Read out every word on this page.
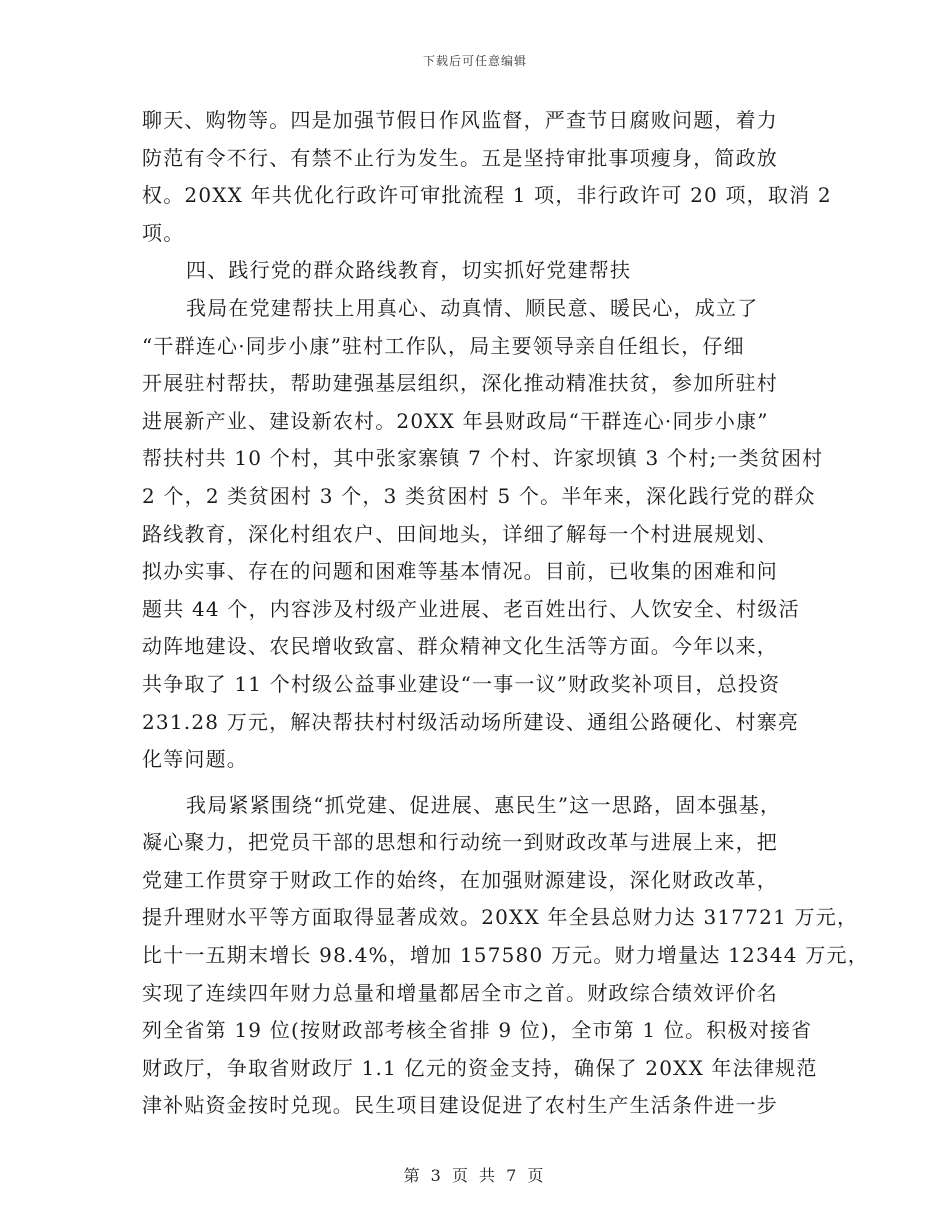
下载后可任意编辑
聊天、购物等。四是加强节假日作风监督，严查节日腐败问题，着力
防范有令不行、有禁不止行为发生。五是坚持审批事项瘦身，简政放
权。20XX 年共优化行政许可审批流程 1 项，非行政许可 20 项，取消 2
项。
四、践行党的群众路线教育，切实抓好党建帮扶
我局在党建帮扶上用真心、动真情、顺民意、暖民心，成立了
“干群连心·同步小康”驻村工作队，局主要领导亲自任组长，仔细
开展驻村帮扶，帮助建强基层组织，深化推动精准扶贫，参加所驻村
进展新产业、建设新农村。20XX 年县财政局“干群连心·同步小康”
帮扶村共 10 个村，其中张家寨镇 7 个村、许家坝镇 3 个村;一类贫困村
2 个，2 类贫困村 3 个，3 类贫困村 5 个。半年来，深化践行党的群众
路线教育，深化村组农户、田间地头，详细了解每一个村进展规划、
拟办实事、存在的问题和困难等基本情况。目前，已收集的困难和问
题共 44 个，内容涉及村级产业进展、老百姓出行、人饮安全、村级活
动阵地建设、农民增收致富、群众精神文化生活等方面。今年以来，
共争取了 11 个村级公益事业建设“一事一议”财政奖补项目，总投资
231.28 万元，解决帮扶村村级活动场所建设、通组公路硬化、村寨亮
化等问题。
我局紧紧围绕“抓党建、促进展、惠民生”这一思路，固本强基，
凝心聚力，把党员干部的思想和行动统一到财政改革与进展上来，把
党建工作贯穿于财政工作的始终，在加强财源建设，深化财政改革，
提升理财水平等方面取得显著成效。20XX 年全县总财力达 317721 万元，
比十一五期末增长 98.4%，增加 157580 万元。财力增量达 12344 万元，
实现了连续四年财力总量和增量都居全市之首。财政综合绩效评价名
列全省第 19 位(按财政部考核全省排 9 位)，全市第 1 位。积极对接省
财政厅，争取省财政厅 1.1 亿元的资金支持，确保了 20XX 年法律规范
津补贴资金按时兑现。民生项目建设促进了农村生产生活条件进一步
第 3 页 共 7 页
